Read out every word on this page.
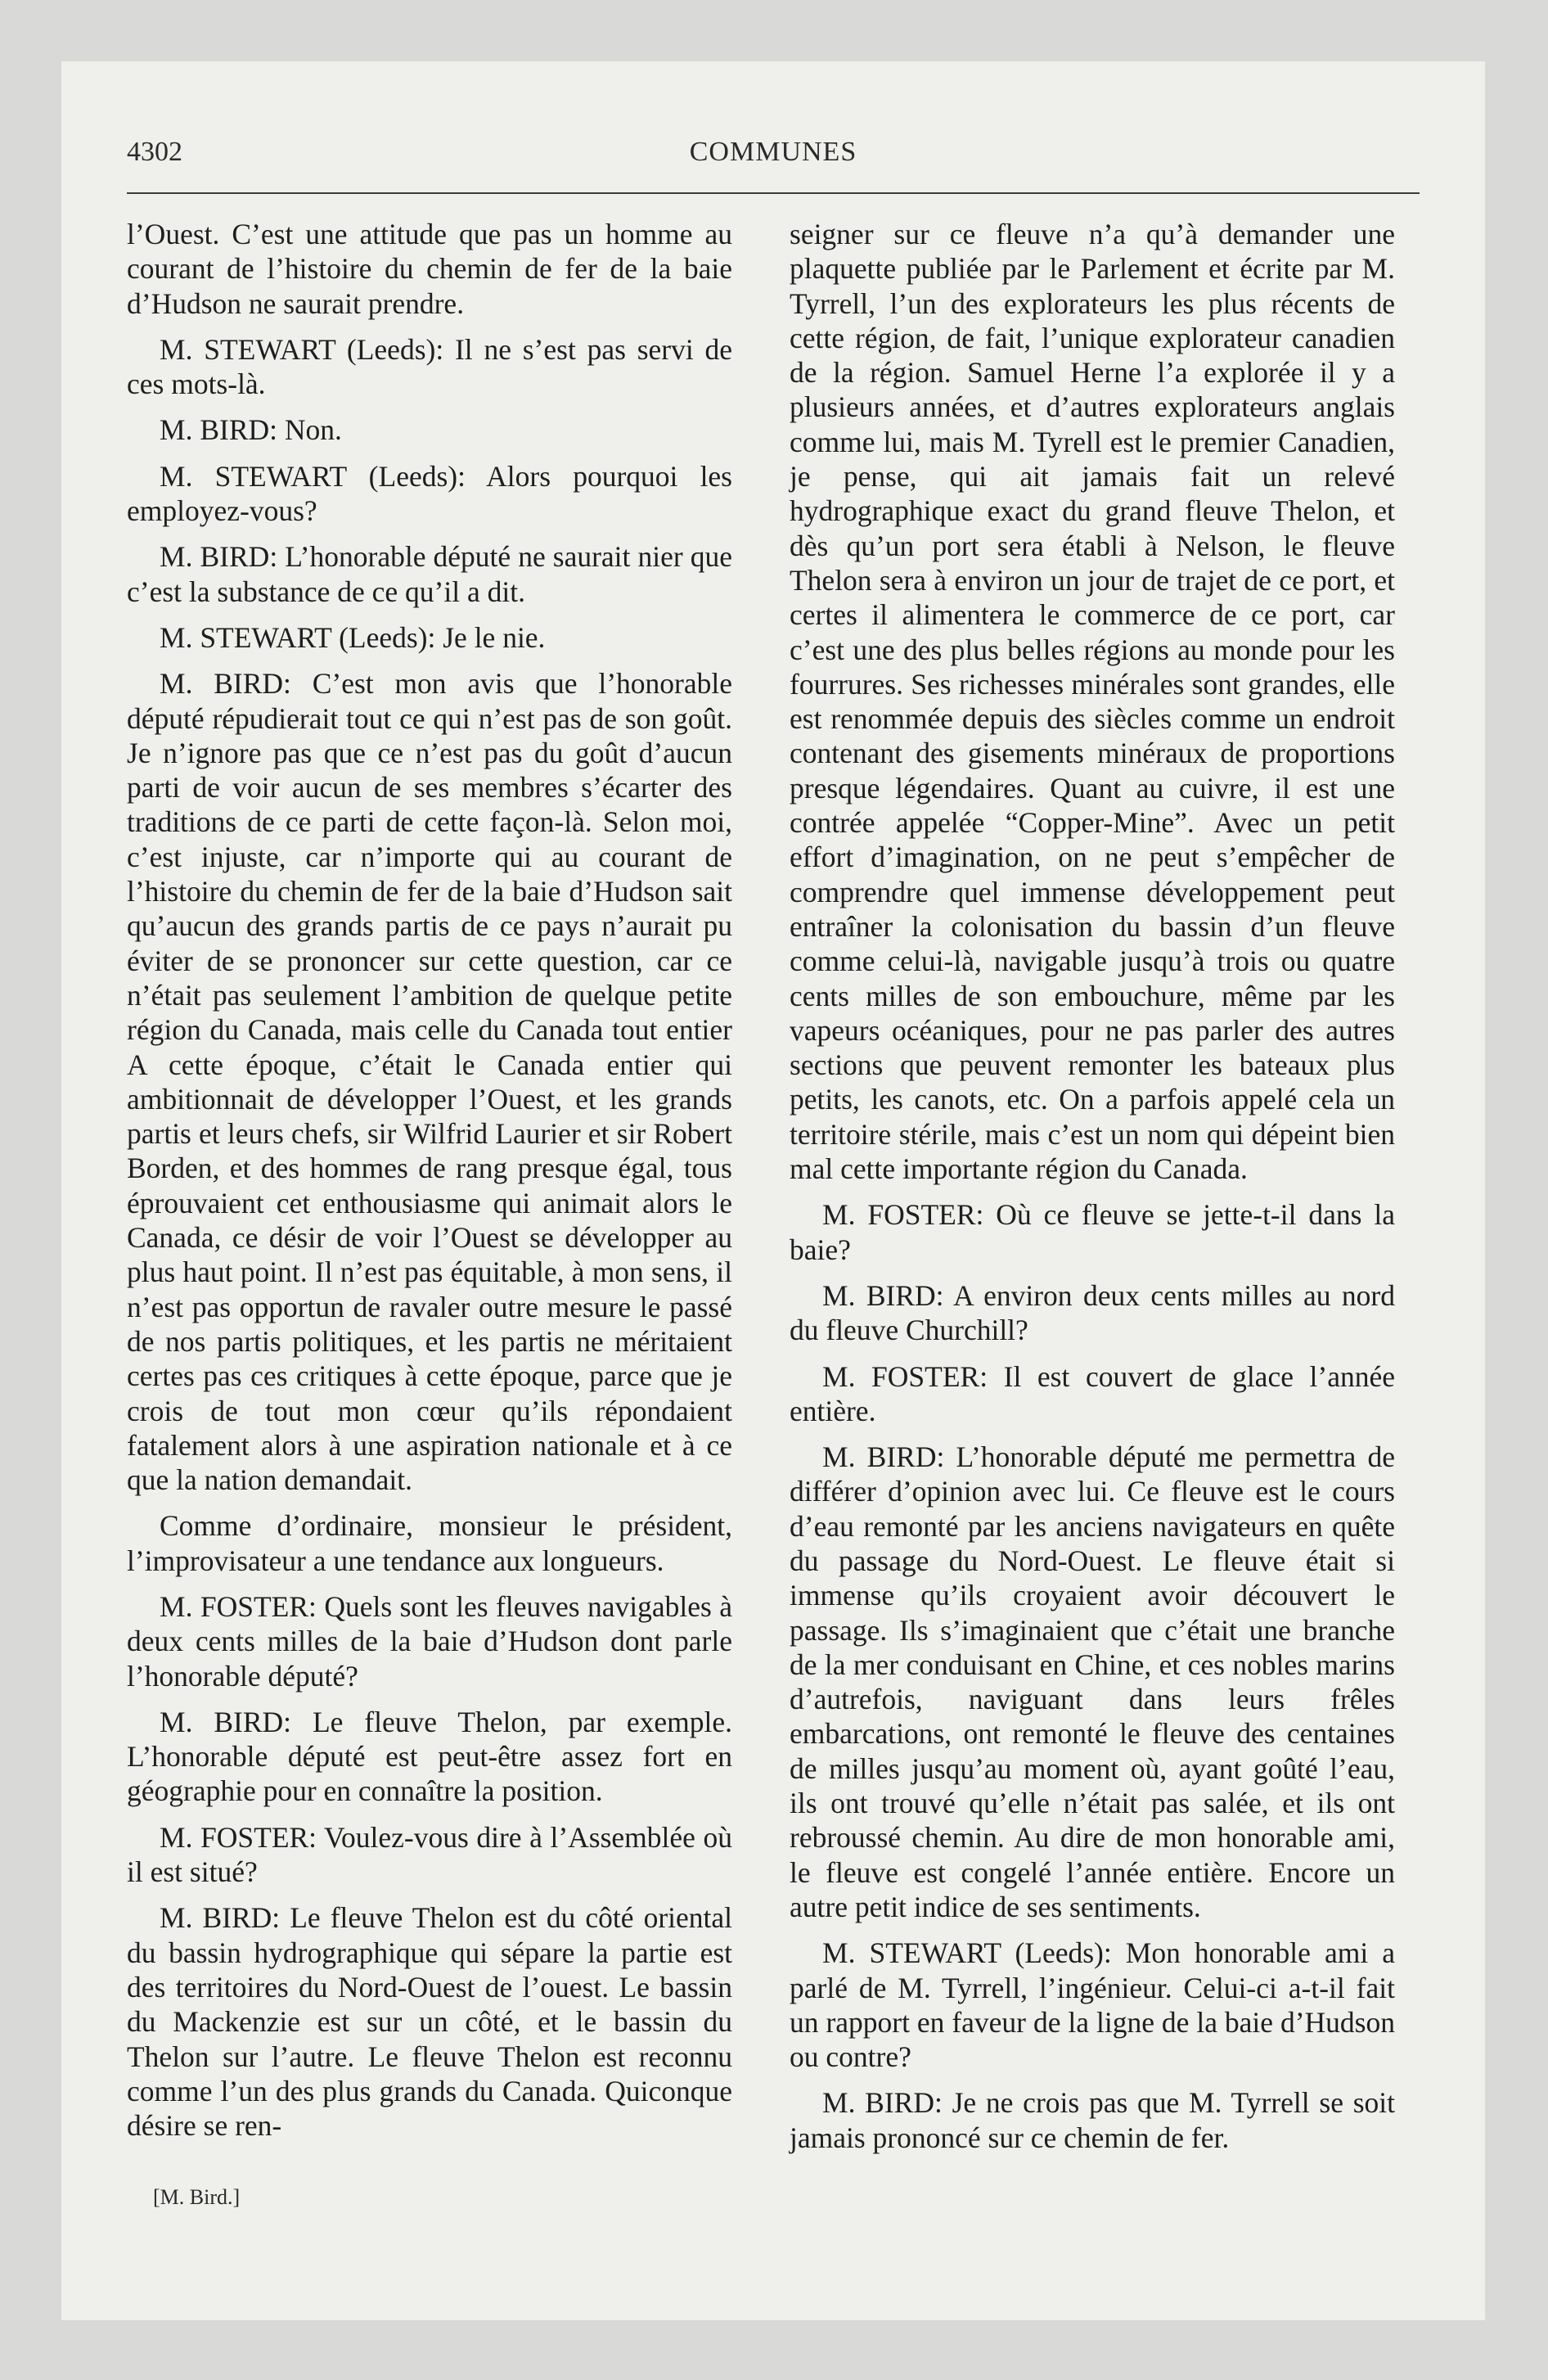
4302	COMMUNES

l’Ouest. C’est une attitude que pas un homme au courant de l’histoire du chemin de fer de la baie d’Hudson ne saurait prendre.

M. STEWART (Leeds): Il ne s’est pas servi de ces mots-là.

M. BIRD: Non.

M. STEWART (Leeds): Alors pourquoi les employez-vous?

M. BIRD: L’honorable député ne saurait nier que c’est la substance de ce qu’il a dit.

M. STEWART (Leeds): Je le nie.

M. BIRD: C’est mon avis que l’honorable député répudierait tout ce qui n’est pas de son goût. Je n’ignore pas que ce n’est pas du goût d’aucun parti de voir aucun de ses membres s’écarter des traditions de ce parti de cette façon-là. Selon moi, c’est injuste, car n’importe qui au courant de l’histoire du chemin de fer de la baie d’Hudson sait qu’aucun des grands partis de ce pays n’aurait pu éviter de se prononcer sur cette question, car ce n’était pas seulement l’ambition de quelque petite région du Canada, mais celle du Canada tout entier A cette époque, c’était le Canada entier qui ambitionnait de développer l’Ouest, et les grands partis et leurs chefs, sir Wilfrid Laurier et sir Robert Borden, et des hommes de rang presque égal, tous éprouvaient cet enthousiasme qui animait alors le Canada, ce désir de voir l’Ouest se développer au plus haut point. Il n’est pas équitable, à mon sens, il n’est pas opportun de ravaler outre mesure le passé de nos partis politiques, et les partis ne méritaient certes pas ces critiques à cette époque, parce que je crois de tout mon cœur qu’ils répondaient fatalement alors à une aspiration nationale et à ce que la nation demandait.

Comme d’ordinaire, monsieur le président, l’improvisateur a une tendance aux longueurs.

M. FOSTER: Quels sont les fleuves navigables à deux cents milles de la baie d’Hudson dont parle l’honorable député?

M. BIRD: Le fleuve Thelon, par exemple. L’honorable député est peut-être assez fort en géographie pour en connaître la position.

M. FOSTER: Voulez-vous dire à l’Assemblée où il est situé?

M. BIRD: Le fleuve Thelon est du côté oriental du bassin hydrographique qui sépare la partie est des territoires du Nord-Ouest de l’ouest. Le bassin du Mackenzie est sur un côté, et le bassin du Thelon sur l’autre. Le fleuve Thelon est reconnu comme l’un des plus grands du Canada. Quiconque désire se ren-

seigner sur ce fleuve n’a qu’à demander une plaquette publiée par le Parlement et écrite par M. Tyrrell, l’un des explorateurs les plus récents de cette région, de fait, l’unique explorateur canadien de la région. Samuel Herne l’a explorée il y a plusieurs années, et d’autres explorateurs anglais comme lui, mais M. Tyrell est le premier Canadien, je pense, qui ait jamais fait un relevé hydrographique exact du grand fleuve Thelon, et dès qu’un port sera établi à Nelson, le fleuve Thelon sera à environ un jour de trajet de ce port, et certes il alimentera le commerce de ce port, car c’est une des plus belles régions au monde pour les fourrures. Ses richesses minérales sont grandes, elle est renommée depuis des siècles comme un endroit contenant des gisements minéraux de proportions presque légendaires. Quant au cuivre, il est une contrée appelée “Copper-Mine”. Avec un petit effort d’imagination, on ne peut s’empêcher de comprendre quel immense développement peut entraîner la colonisation du bassin d’un fleuve comme celui-là, navigable jusqu’à trois ou quatre cents milles de son embouchure, même par les vapeurs océaniques, pour ne pas parler des autres sections que peuvent remonter les bateaux plus petits, les canots, etc. On a parfois appelé cela un territoire stérile, mais c’est un nom qui dépeint bien mal cette importante région du Canada.

M. FOSTER: Où ce fleuve se jette-t-il dans la baie?

M. BIRD: A environ deux cents milles au nord du fleuve Churchill?

M. FOSTER: Il est couvert de glace l’année entière.

M. BIRD: L’honorable député me permettra de différer d’opinion avec lui. Ce fleuve est le cours d’eau remonté par les anciens navigateurs en quête du passage du Nord-Ouest. Le fleuve était si immense qu’ils croyaient avoir découvert le passage. Ils s’imaginaient que c’était une branche de la mer conduisant en Chine, et ces nobles marins d’autrefois, naviguant dans leurs frêles embarcations, ont remonté le fleuve des centaines de milles jusqu’au moment où, ayant goûté l’eau, ils ont trouvé qu’elle n’était pas salée, et ils ont rebroussé chemin. Au dire de mon honorable ami, le fleuve est congelé l’année entière. Encore un autre petit indice de ses sentiments.

M. STEWART (Leeds): Mon honorable ami a parlé de M. Tyrrell, l’ingénieur. Celui-ci a-t-il fait un rapport en faveur de la ligne de la baie d’Hudson ou contre?

M. BIRD: Je ne crois pas que M. Tyrrell se soit jamais prononcé sur ce chemin de fer.

[M. Bird.]
